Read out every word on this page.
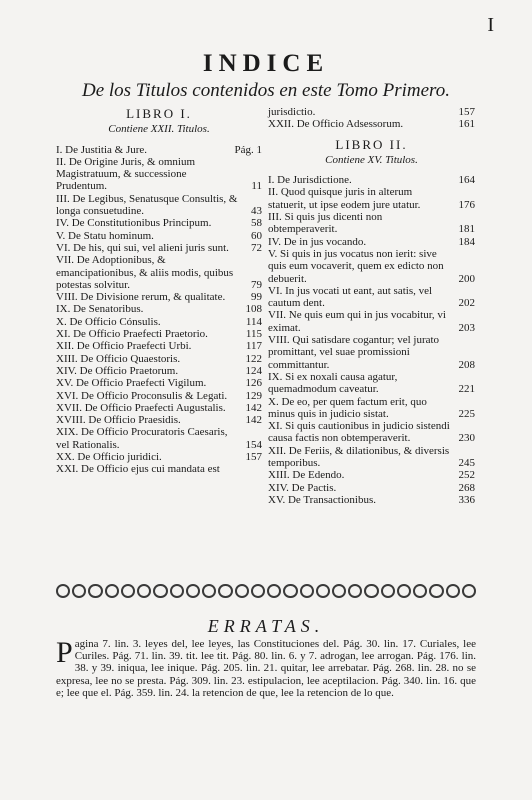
I
INDICE
De los Titulos contenidos en este Tomo Primero.
LIBRO I.
Contiene XXII. Titulos.
I. De Justitia & Jure.	Pág. 1
II. De Origine Juris, & omnium Magistratuum, & successione Prudentum.	11
III. De Legibus, Senatusque Consultis, & longa consuetudine.	43
IV. De Constitutionibus Principum.	58
V. De Statu hominum.	60
VI. De his, qui sui, vel alieni juris sunt.	72
VII. De Adoptionibus, & emancipationibus, & aliis modis, quibus potestas solvitur.	79
VIII. De Divisione rerum, & qualitate.	99
IX. De Senatoribus.	108
X. De Officio Cónsulis.	114
XI. De Officio Praefecti Praetorio.	115
XII. De Officio Praefecti Urbi.	117
XIII. De Officio Quaestoris.	122
XIV. De Officio Praetorum.	124
XV. De Officio Praefecti Vigilum.	126
XVI. De Officio Proconsulis & Legati.	129
XVII. De Officio Praefecti Augustalis.	142
XVIII. De Officio Praesidis.	142
XIX. De Officio Procuratoris Caesaris, vel Rationalis.	154
XX. De Officio juridici.	157
XXI. De Officio ejus cui mandata est
jurisdictio.	157
XXII. De Officio Adsessorum.	161
LIBRO II.
Contiene XV. Titulos.
I. De Jurisdictione.	164
II. Quod quisque juris in alterum statuerit, ut ipse eodem jure utatur.	176
III. Si quis jus dicenti non obtemperaverit.	181
IV. De in jus vocando.	184
V. Si quis in jus vocatus non ierit: sive quis eum vocaverit, quem ex edicto non debuerit.	200
VI. In jus vocati ut eant, aut satis, vel cautum dent.	202
VII. Ne quis eum qui in jus vocabitur, vi eximat.	203
VIII. Qui satisdare cogantur; vel jurato promittant, vel suae promissioni committantur.	208
IX. Si ex noxali causa agatur, quemadmodum caveatur.	221
X. De eo, per quem factum erit, quo minus quis in judicio sistat.	225
XI. Si quis cautionibus in judicio sistendi causa factis non obtemperaverit.	230
XII. De Feriis, & dilationibus, & diversis temporibus.	245
XIII. De Edendo.	252
XIV. De Pactis.	268
XV. De Transactionibus.	336
ERRATAS.
Pagina 7. lin. 3. leyes del, lee leyes, las Constituciones del. Pág. 30. lin. 17. Curiales, lee Curiles. Pág. 71. lin. 39. tit. lee tit. Pág. 80. lin. 6. y 7. adrogan, lee arrogan. Pág. 176. lin. 38. y 39. iniqua, lee inique. Pág. 205. lin. 21. quitar, lee arrebatar. Pág. 268. lin. 28. no se expresa, lee no se presta. Pág. 309. lin. 23. estipulacion, lee aceptilacion. Pág. 340. lin. 16. que e; lee que el. Pág. 359. lin. 24. la retencion de que, lee la retencion de lo que.
